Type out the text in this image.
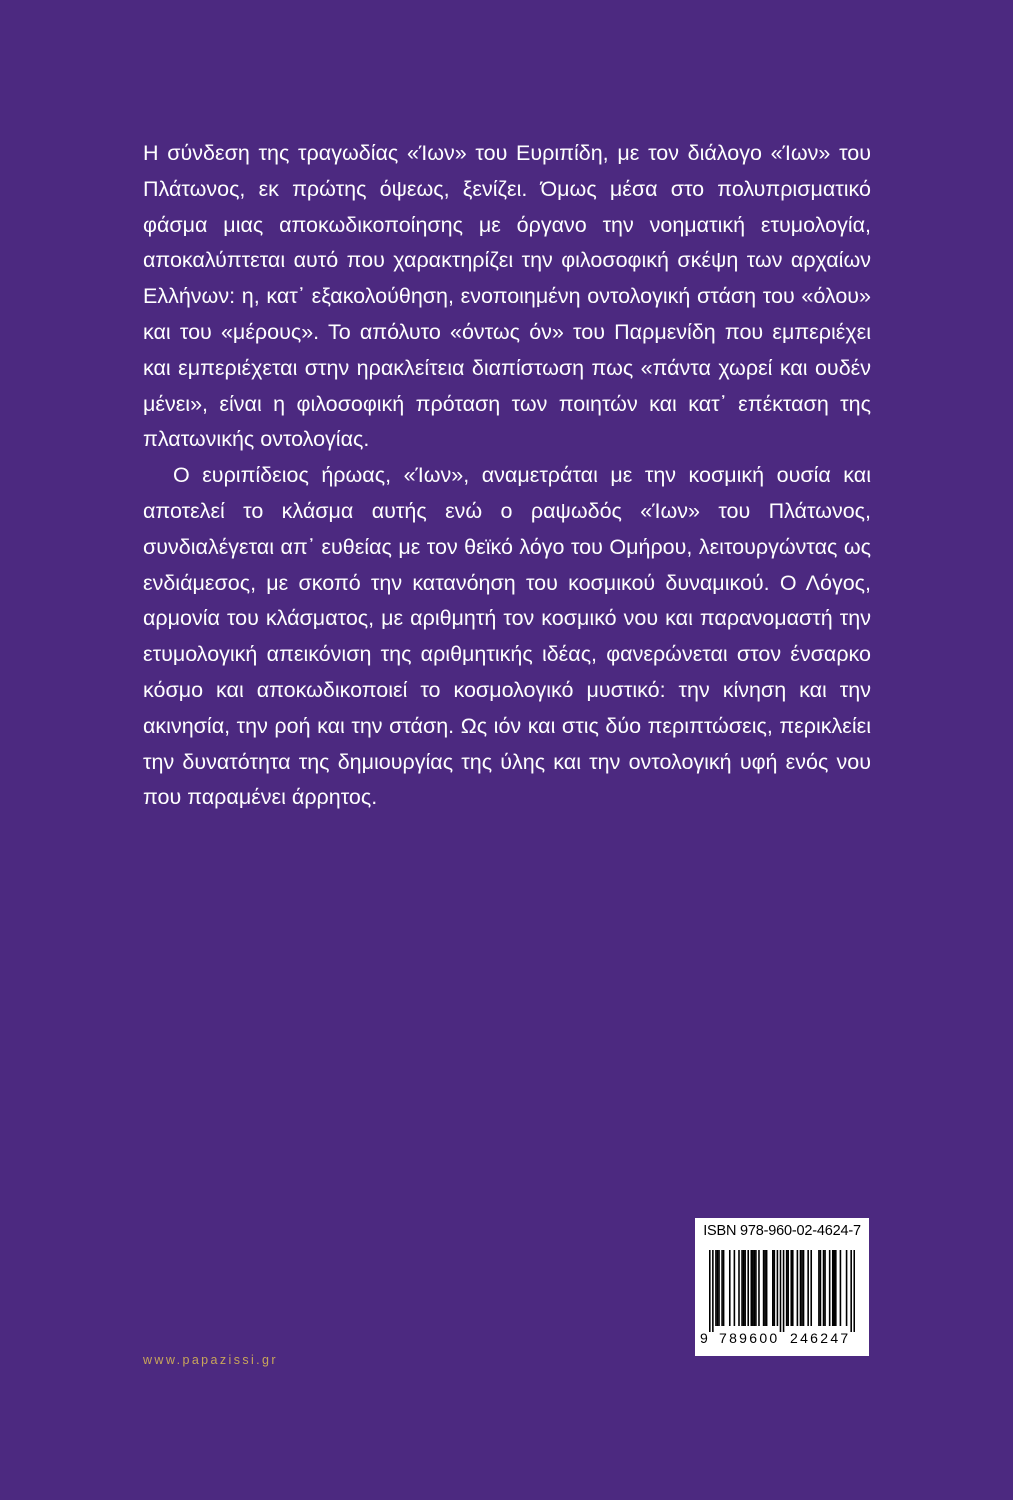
Η σύνδεση της τραγωδίας «Ίων» του Ευριπίδη, με τον διάλογο «Ίων» του Πλάτωνος, εκ πρώτης όψεως, ξενίζει. Όμως μέσα στο πολυπρισματικό φάσμα μιας αποκωδικοποίησης με όργανο την νοηματική ετυμολογία, αποκαλύπτεται αυτό που χαρακτηρίζει την φιλοσοφική σκέψη των αρχαίων Ελλήνων: η, κατ᾽ εξακολούθηση, ενοποιημένη οντολογική στάση του «όλου» και του «μέρους». Το απόλυτο «όντως όν» του Παρμενίδη που εμπεριέχει και εμπεριέχεται στην ηρακλείτεια διαπίστωση πως «πάντα χωρεί και ουδέν μένει», είναι η φιλοσοφική πρόταση των ποιητών και κατ᾽ επέκταση της πλατωνικής οντολογίας.

Ο ευριπίδειος ήρωας, «Ίων», αναμετράται με την κοσμική ουσία και αποτελεί το κλάσμα αυτής ενώ ο ραψωδός «Ίων» του Πλάτωνος, συνδιαλέγεται απ᾽ ευθείας με τον θεϊκό λόγο του Ομήρου, λειτουργώντας ως ενδιάμεσος, με σκοπό την κατανόηση του κοσμικού δυναμικού. Ο Λόγος, αρμονία του κλάσματος, με αριθμητή τον κοσμικό νου και παρανομαστή την ετυμολογική απεικόνιση της αριθμητικής ιδέας, φανερώνεται στον ένσαρκο κόσμο και αποκωδικοποιεί το κοσμολογικό μυστικό: την κίνηση και την ακινησία, την ροή και την στάση. Ως ιόν και στις δύο περιπτώσεις, περικλείει την δυνατότητα της δημιουργίας της ύλης και την οντολογική υφή ενός νου που παραμένει άρρητος.

ISBN 978-960-02-4624-7
9 789600 246247
www.papazissi.gr
